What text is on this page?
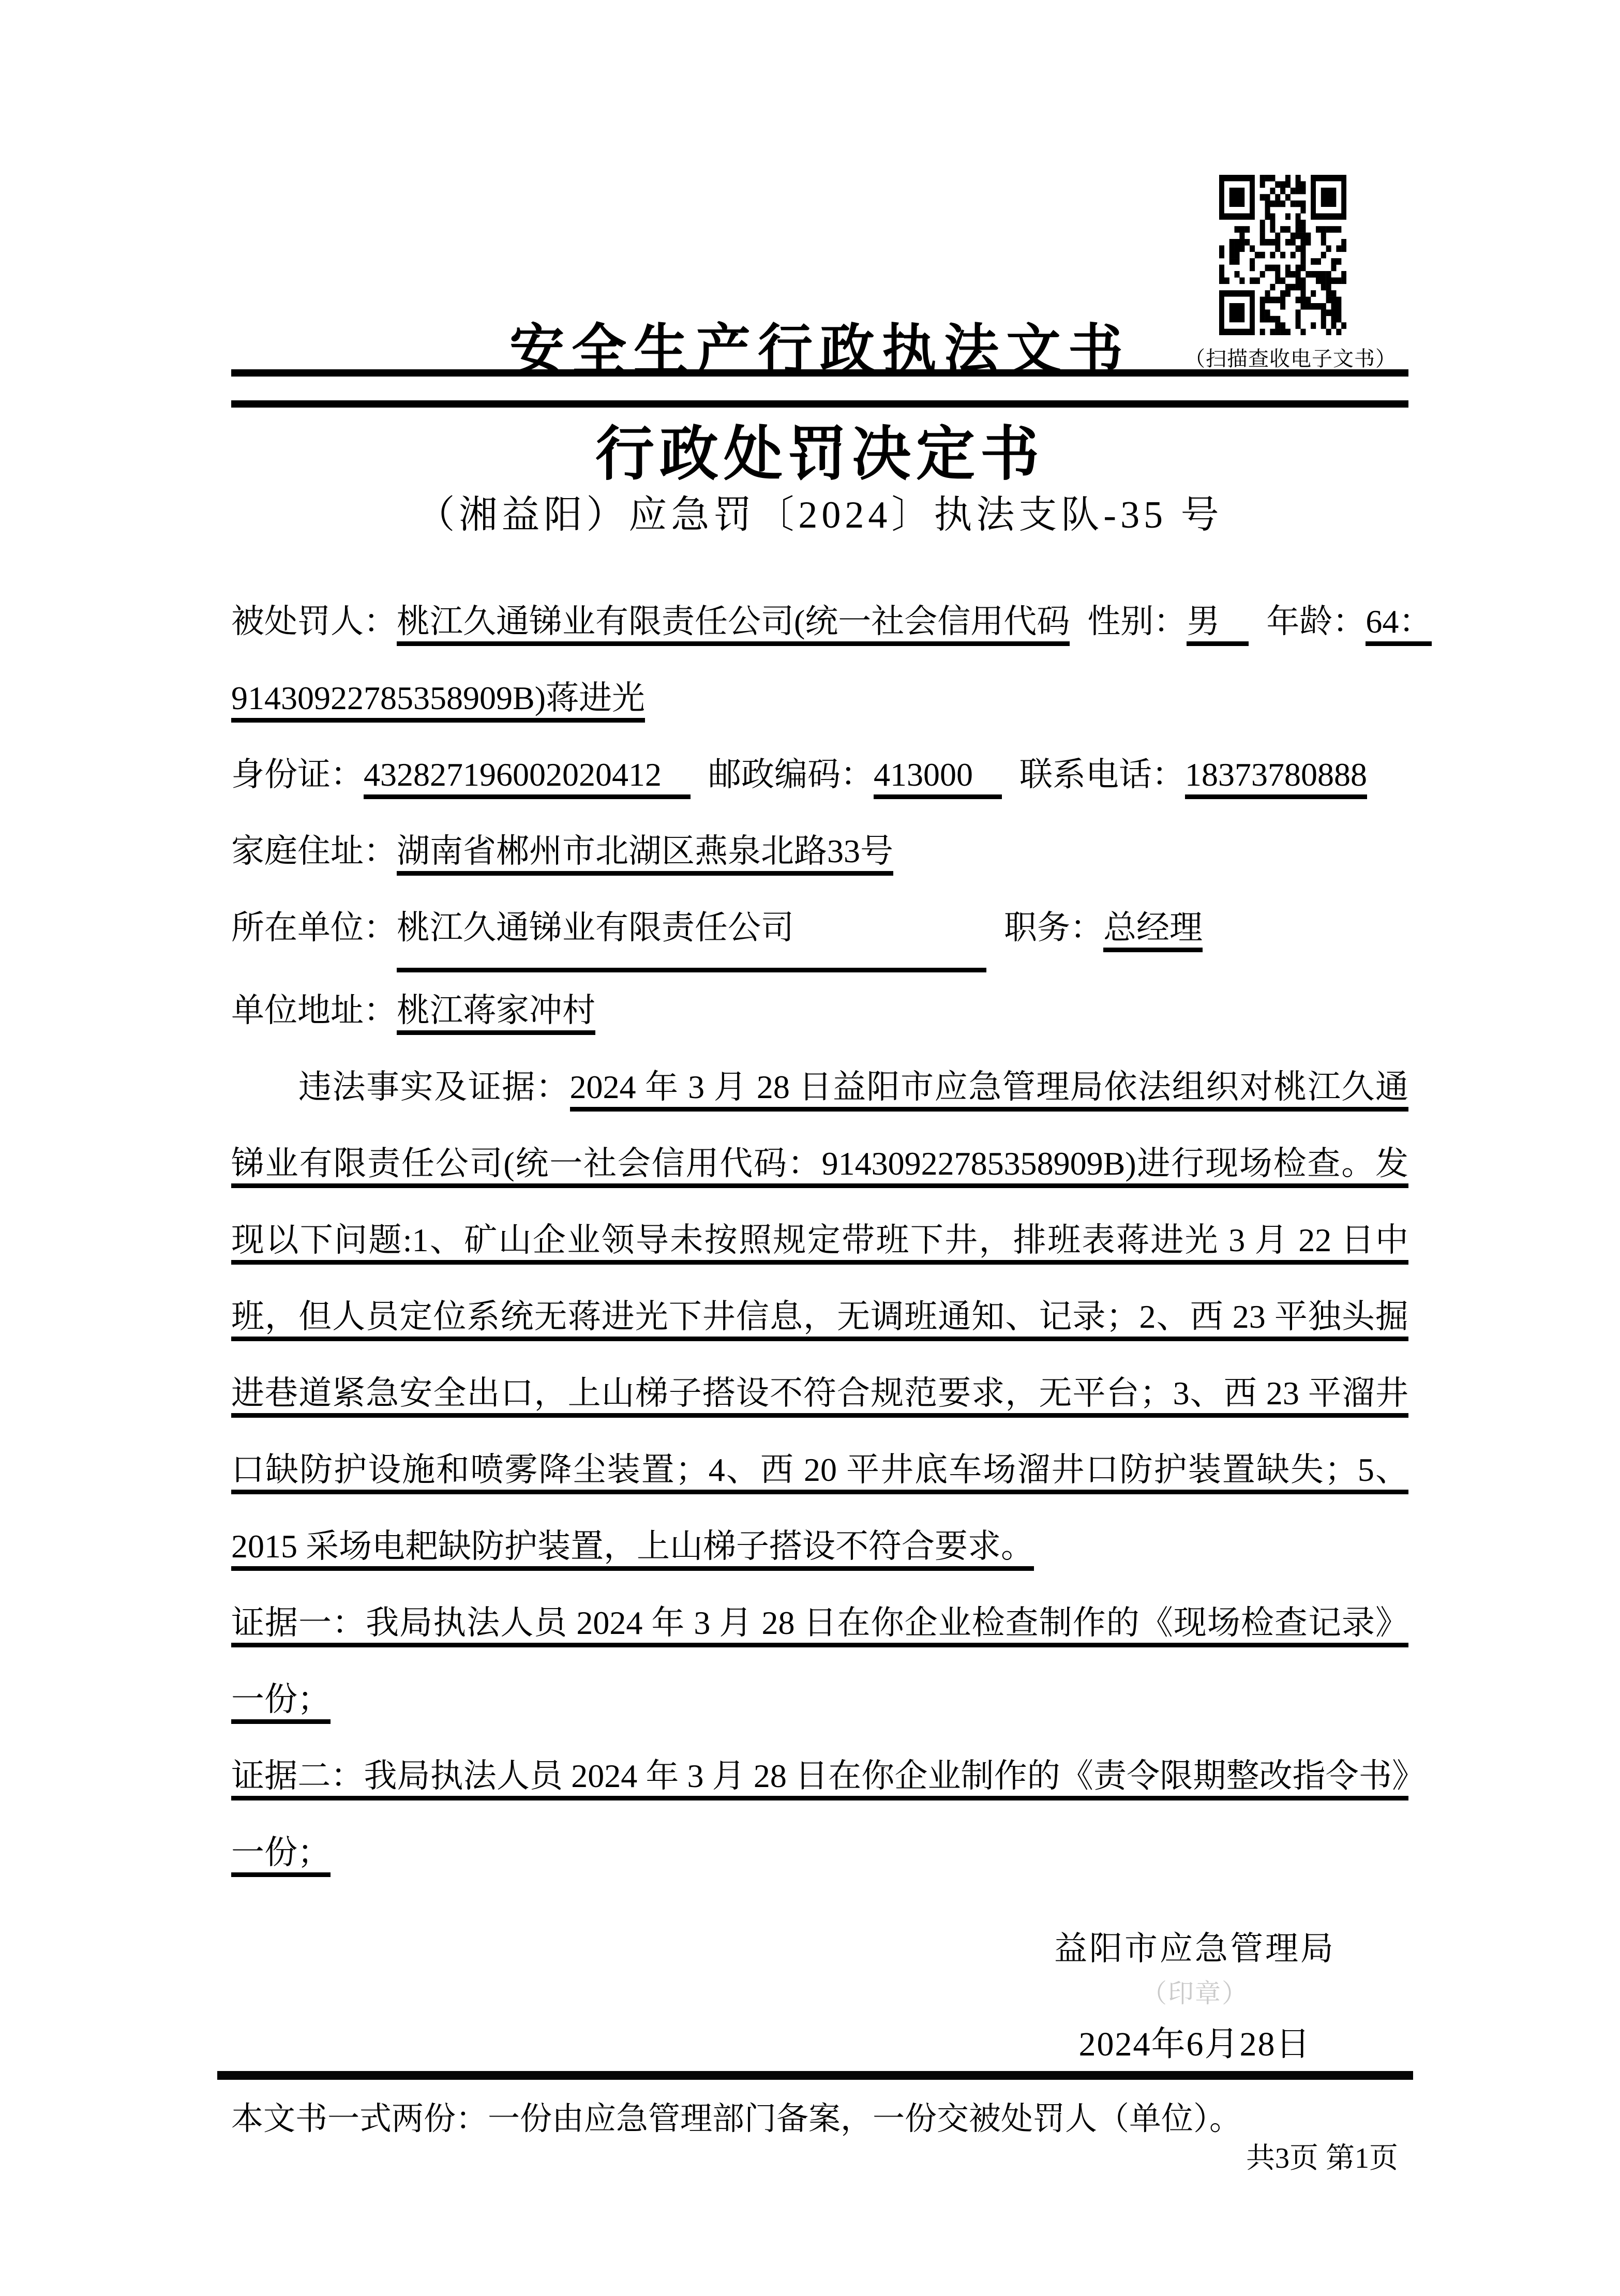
（扫描查收电子文书）
安全生产行政执法文书
行政处罚决定书
（湘益阳）应急罚〔2024〕执法支队-35 号
被处罚人：桃江久通锑业有限责任公司(统一社会信用代码 性别：男 年龄：64：
91430922785358909B)蒋进光
身份证：432827196002020412 邮政编码：413000 联系电话：18373780888
家庭住址：湖南省郴州市北湖区燕泉北路33号
所在单位：桃江久通锑业有限责任公司	职务：总经理
单位地址：桃江蒋家冲村
违法事实及证据：2024 年 3 月 28 日益阳市应急管理局依法组织对桃江久通锑业有限责任公司(统一社会信用代码：91430922785358909B)进行现场检查。发现以下问题:1、矿山企业领导未按照规定带班下井，排班表蒋进光 3 月 22 日中班，但人员定位系统无蒋进光下井信息，无调班通知、记录；2、西 23 平独头掘进巷道紧急安全出口，上山梯子搭设不符合规范要求，无平台；3、西 23 平溜井口缺防护设施和喷雾降尘装置；4、西 20 平井底车场溜井口防护装置缺失；5、2015 采场电耙缺防护装置，上山梯子搭设不符合要求。
证据一：我局执法人员 2024 年 3 月 28 日在你企业检查制作的《现场检查记录》一份；
证据二：我局执法人员 2024 年 3 月 28 日在你企业制作的《责令限期整改指令书》一份；
益阳市应急管理局
（印章）
2024年6月28日
本文书一式两份：一份由应急管理部门备案，一份交被处罚人（单位）。
共3页 第1页
